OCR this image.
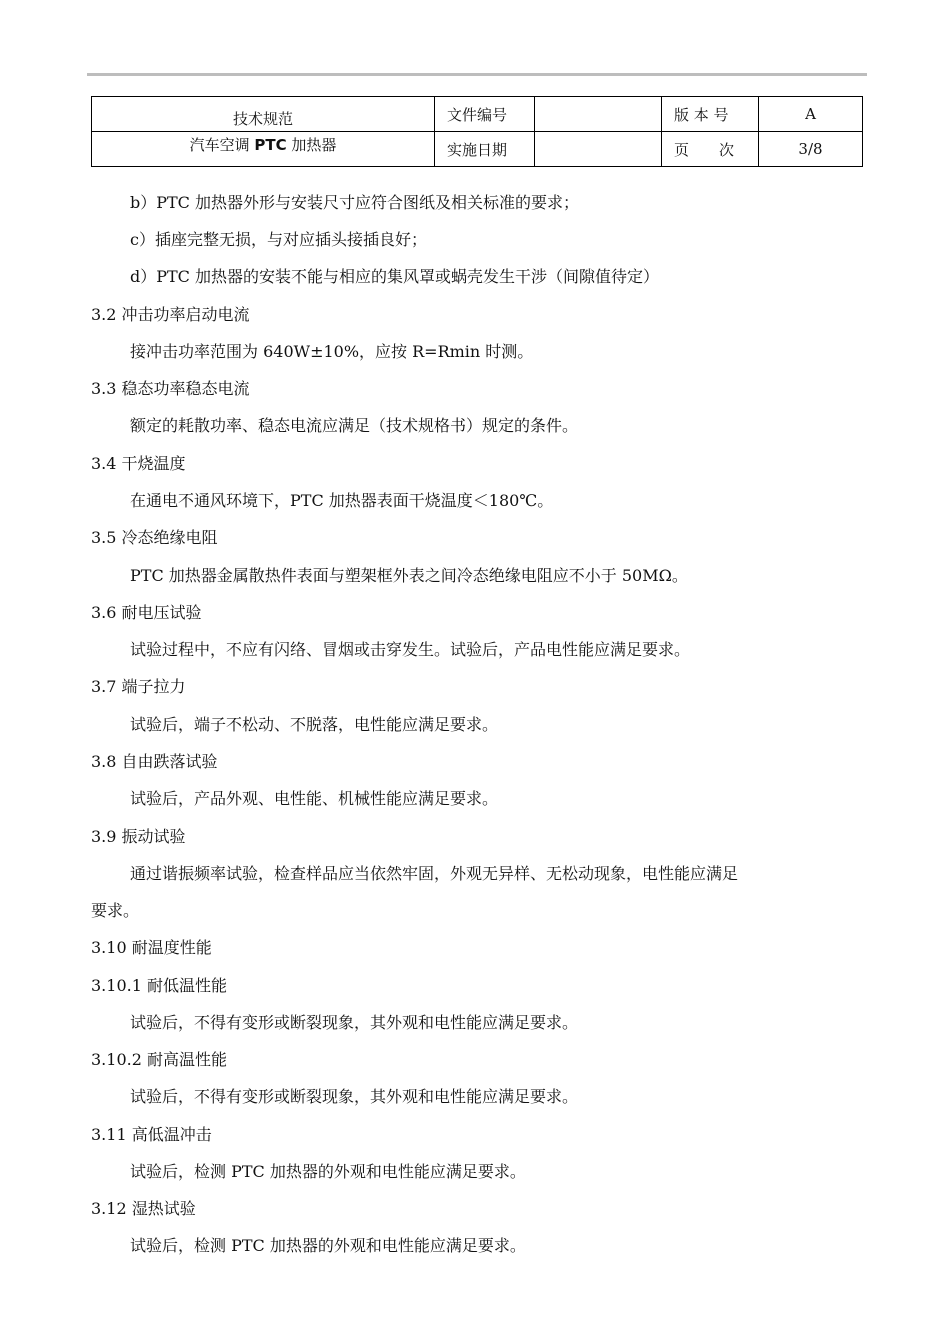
技术规范	文件编号		版 本 号	A
汽车空调 PTC 加热器	实施日期		页　　次	3/8
b）PTC 加热器外形与安装尺寸应符合图纸及相关标准的要求；
c）插座完整无损，与对应插头接插良好；
d）PTC 加热器的安装不能与相应的集风罩或蜗壳发生干涉（间隙值待定）
3.2 冲击功率启动电流
接冲击功率范围为 640W±10%，应按 R=Rmin 时测。
3.3 稳态功率稳态电流
额定的耗散功率、稳态电流应满足（技术规格书）规定的条件。
3.4 干烧温度
在通电不通风环境下，PTC 加热器表面干烧温度＜180℃。
3.5 冷态绝缘电阻
PTC 加热器金属散热件表面与塑架框外表之间冷态绝缘电阻应不小于 50MΩ。
3.6 耐电压试验
试验过程中，不应有闪络、冒烟或击穿发生。试验后，产品电性能应满足要求。
3.7 端子拉力
试验后，端子不松动、不脱落，电性能应满足要求。
3.8 自由跌落试验
试验后，产品外观、电性能、机械性能应满足要求。
3.9 振动试验
通过谐振频率试验，检查样品应当依然牢固，外观无异样、无松动现象，电性能应满足
要求。
3.10 耐温度性能
3.10.1 耐低温性能
试验后，不得有变形或断裂现象，其外观和电性能应满足要求。
3.10.2 耐高温性能
试验后，不得有变形或断裂现象，其外观和电性能应满足要求。
3.11 高低温冲击
试验后，检测 PTC 加热器的外观和电性能应满足要求。
3.12 湿热试验
试验后，检测 PTC 加热器的外观和电性能应满足要求。
